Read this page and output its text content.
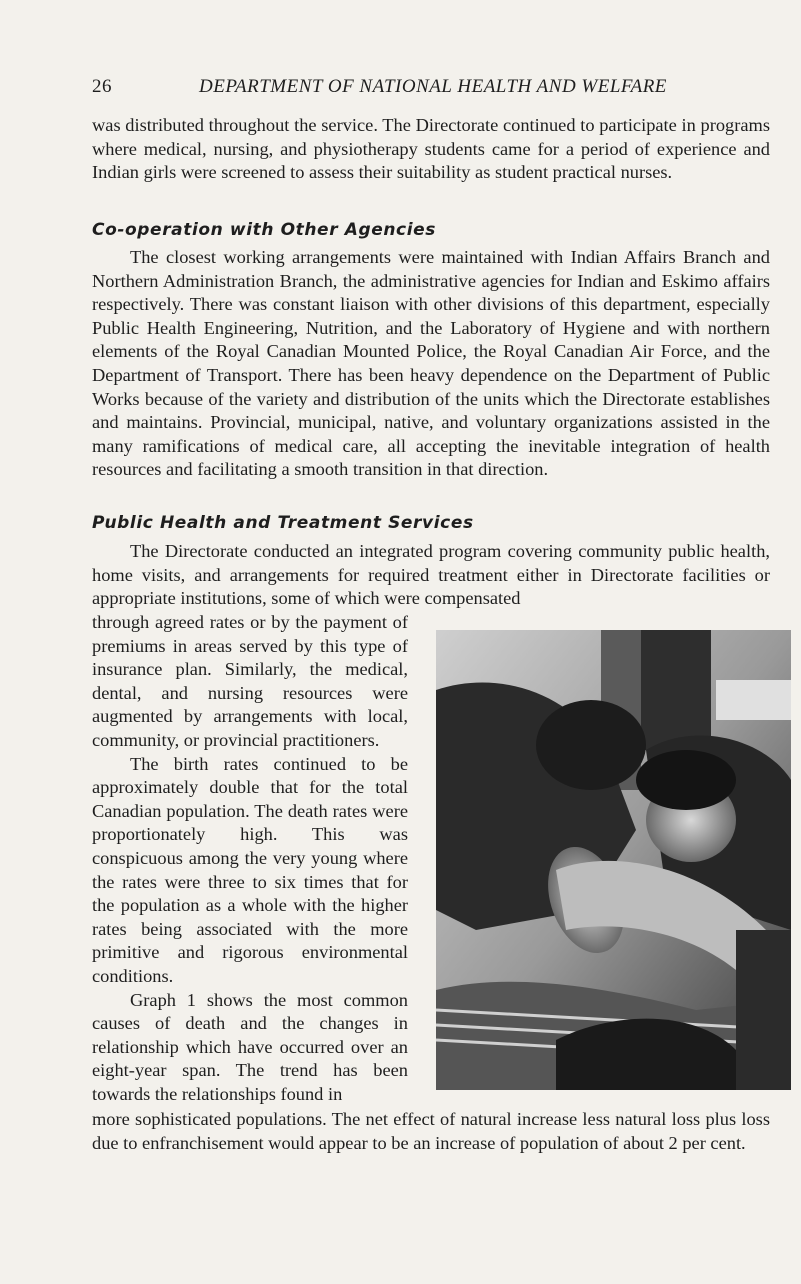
26	DEPARTMENT OF NATIONAL HEALTH AND WELFARE

was distributed throughout the service. The Directorate continued to participate in programs where medical, nursing, and physiotherapy students came for a period of experience and Indian girls were screened to assess their suitability as student practical nurses.

Co-operation with Other Agencies

The closest working arrangements were maintained with Indian Affairs Branch and Northern Administration Branch, the administrative agencies for Indian and Eskimo affairs respectively. There was constant liaison with other divisions of this department, especially Public Health Engineering, Nutrition, and the Laboratory of Hygiene and with northern elements of the Royal Canadian Mounted Police, the Royal Canadian Air Force, and the Department of Transport. There has been heavy dependence on the Department of Public Works because of the variety and distribution of the units which the Directorate establishes and maintains. Provincial, municipal, native, and voluntary organizations assisted in the many ramifications of medical care, all accepting the inevitable integration of health resources and facilitating a smooth transition in that direction.

Public Health and Treatment Services

The Directorate conducted an integrated program covering community public health, home visits, and arrangements for required treatment either in Directorate facilities or appropriate institutions, some of which were compensated

through agreed rates or by the payment of premiums in areas served by this type of insurance plan. Similarly, the medical, dental, and nursing resources were augmented by arrangements with local, community, or provincial practitioners.

The birth rates continued to be approximately double that for the total Canadian population. The death rates were proportionately high. This was conspicuous among the very young where the rates were three to six times that for the population as a whole with the higher rates being associated with the more primitive and rigorous environmental conditions.

Graph 1 shows the most common causes of death and the changes in relationship which have occurred over an eight-year span. The trend has been towards the relationships found in

more sophisticated populations. The net effect of natural increase less natural loss plus loss due to enfranchisement would appear to be an increase of population of about 2 per cent.
